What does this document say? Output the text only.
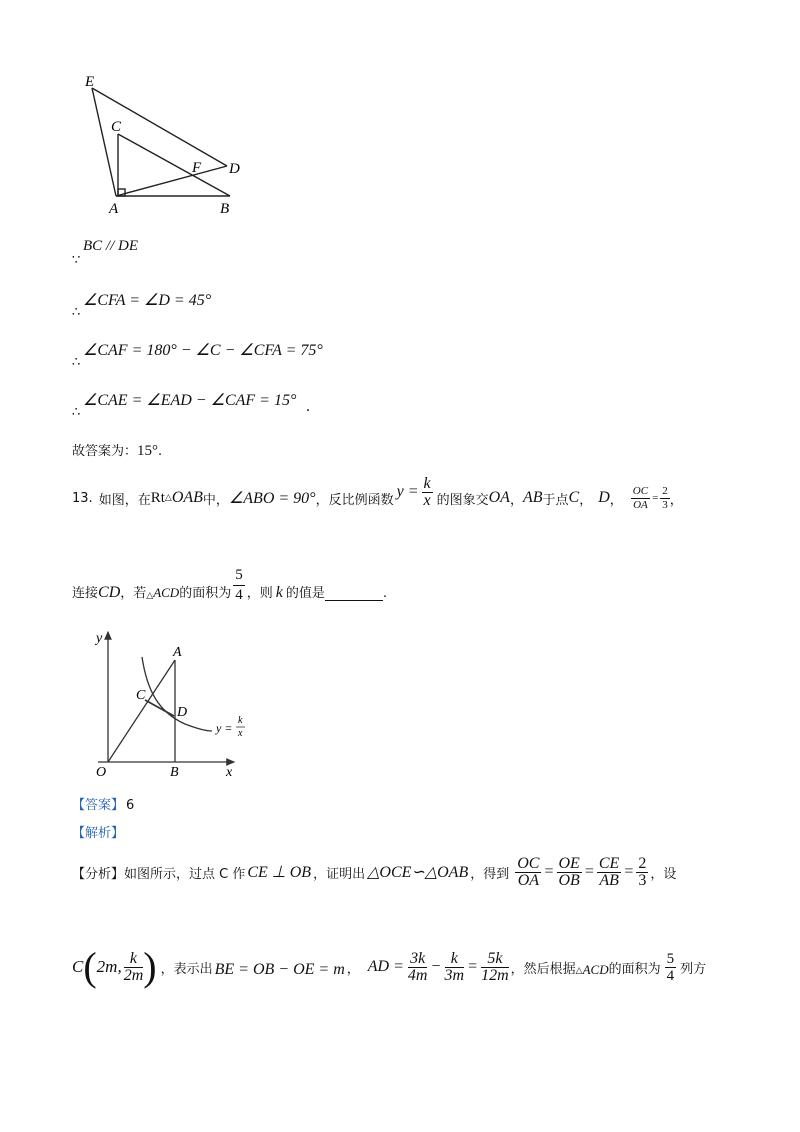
E
C
F D
A	B
BC // DE
∵
∠CFA = ∠D = 45°
∴
∠CAF = 180° − ∠C − ∠CFA = 75°
∴
∠CAE = ∠EAD − ∠CAF = 15° .
∴
故答案为：15°.
13. 如图，在 Rt △ OAB 中， ∠ABO = 90° ，反比例函数 $y = \frac{k}{x}$ 的图象交 OA ， AB 于点 C ， D ， $\frac{OC}{OA} = \frac{2}{3}$ ，
连接 CD ，若 △ ACD 的面积为 $\frac{5}{4}$ ，则 k 的值是	.
y
A
C
D
O	B	x
y =
k
x
【答案】 6
【解析】
【分析】 如图所示，过点 C 作 CE ⊥ OB ，证明出 △OCE∽△OAB ，得到 $\frac{OC}{OA} = \frac{OE}{OB} = \frac{CE}{AB} = \frac{2}{3}$ ，设
C ( 2m, $\frac{k}{2m}$ ) ，表示出 BE = OB − OE = m ， AD = $\frac{3k}{4m} - \frac{k}{3m} = \frac{5k}{12m}$ ，然后根据 △ ACD 的面积为 $\frac{5}{4}$ 列方
